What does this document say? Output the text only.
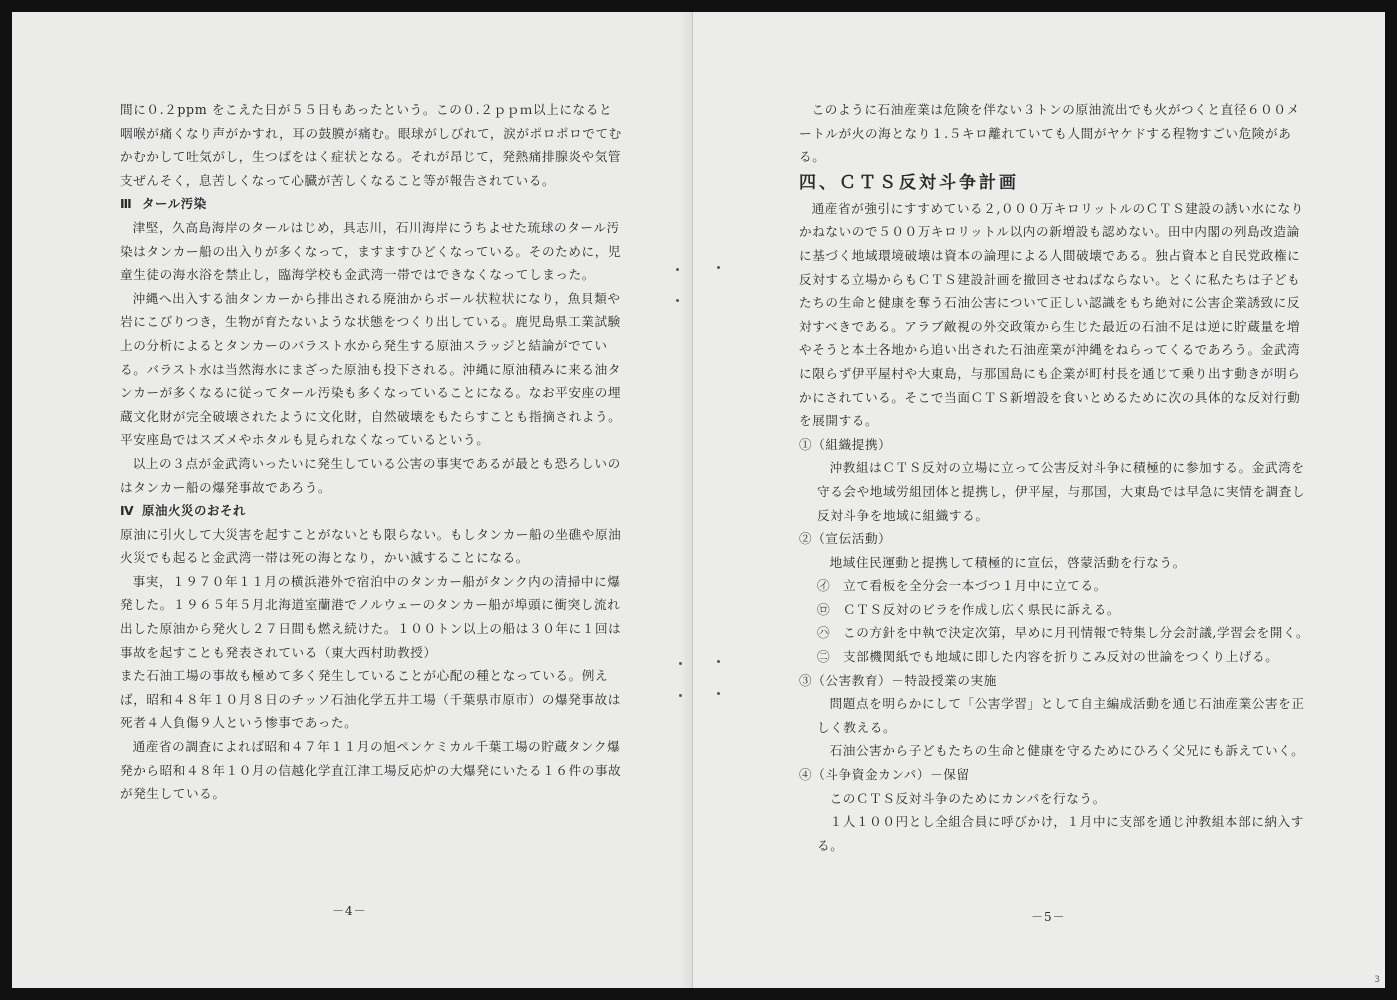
間に０.２ppm をこえた日が５５日もあったという。この０.２ｐｐｍ以上になると咽喉が痛くなり声がかすれ，耳の鼓膜が痛む。眼球がしびれて，涙がポロポロでてむかむかして吐気がし，生つばをはく症状となる。それが昂じて，発熱痛排腺炎や気管支ぜんそく，息苦しくなって心臓が苦しくなること等が報告されている。

Ⅲ タール汚染

津堅，久高島海岸のタールはじめ，具志川，石川海岸にうちよせた琉球のタール汚染はタンカー船の出入りが多くなって，ますますひどくなっている。そのために，児童生徒の海水浴を禁止し，臨海学校も金武湾一帯ではできなくなってしまった。

沖縄へ出入する油タンカーから排出される廃油からボール状粒状になり，魚貝類や岩にこびりつき，生物が育たないような状態をつくり出している。鹿児島県工業試験上の分析によるとタンカーのバラスト水から発生する原油スラッジと結論がでている。バラスト水は当然海水にまざった原油も投下される。沖縄に原油積みに来る油タンカーが多くなるに従ってタール汚染も多くなっていることになる。なお平安座の埋蔵文化財が完全破壊されたように文化財，自然破壊をもたらすことも指摘されよう。

平安座島ではスズメやホタルも見られなくなっているという。

以上の３点が金武湾いったいに発生している公害の事実であるが最とも恐ろしいのはタンカー船の爆発事故であろう。

Ⅳ 原油火災のおそれ

原油に引火して大災害を起すことがないとも限らない。もしタンカー船の坐礁や原油火災でも起ると金武湾一帯は死の海となり，かい滅することになる。

事実，１９７０年１１月の横浜港外で宿泊中のタンカー船がタンク内の清掃中に爆発した。１９６５年５月北海道室蘭港でノルウェーのタンカー船が埠頭に衝突し流れ出した原油から発火し２７日間も燃え続けた。１００トン以上の船は３０年に１回は事故を起すことも発表されている（東大西村助教授）

また石油工場の事故も極めて多く発生していることが心配の種となっている。例えば，昭和４８年１０月８日のチッソ石油化学五井工場（千葉県市原市）の爆発事故は死者４人負傷９人という惨事であった。

通産省の調査によれば昭和４７年１１月の旭ペンケミカル千葉工場の貯蔵タンク爆発から昭和４８年１０月の信越化学直江津工場反応炉の大爆発にいたる１６件の事故が発生している。

－4－

このように石油産業は危険を伴ない３トンの原油流出でも火がつくと直径６００メートルが火の海となり１.５キロ離れていても人間がヤケドする程物すごい危険がある。

四、ＣＴＳ反対斗争計画

通産省が強引にすすめている２,０００万キロリットルのＣＴＳ建設の誘い水になりかねないので５００万キロリットル以内の新増設も認めない。田中内閣の列島改造論に基づく地域環境破壊は資本の論理による人間破壊である。独占資本と自民党政権に反対する立場からもＣＴＳ建設計画を撤回させねばならない。とくに私たちは子どもたちの生命と健康を奪う石油公害について正しい認識をもち絶対に公害企業誘致に反対すべきである。アラブ敵視の外交政策から生じた最近の石油不足は逆に貯蔵量を増やそうと本土各地から追い出された石油産業が沖縄をねらってくるであろう。金武湾に限らず伊平屋村や大東島，与那国島にも企業が町村長を通じて乗り出す動きが明らかにされている。そこで当面ＣＴＳ新増設を食いとめるために次の具体的な反対行動を展開する。

①（組織提携）

沖教組はＣＴＳ反対の立場に立って公害反対斗争に積極的に参加する。金武湾を守る会や地域労組団体と提携し，伊平屋，与那国，大東島では早急に実情を調査し反対斗争を地域に組織する。

②（宣伝活動）

地域住民運動と提携して積極的に宣伝，啓蒙活動を行なう。

㋑ 立て看板を全分会一本づつ１月中に立てる。

㋺ ＣＴＳ反対のビラを作成し広く県民に訴える。

㋩ この方針を中執で決定次第，早めに月刊情報で特集し分会討議,学習会を開く。

㊁ 支部機関紙でも地域に即した内容を折りこみ反対の世論をつくり上げる。

③（公害教育）－特設授業の実施

問題点を明らかにして「公害学習」として自主編成活動を通じ石油産業公害を正しく教える。

石油公害から子どもたちの生命と健康を守るためにひろく父兄にも訴えていく。

④（斗争資金カンパ）－保留

このＣＴＳ反対斗争のためにカンパを行なう。

１人１００円とし全組合員に呼びかけ，１月中に支部を通じ沖教組本部に納入する。

－5－
3
